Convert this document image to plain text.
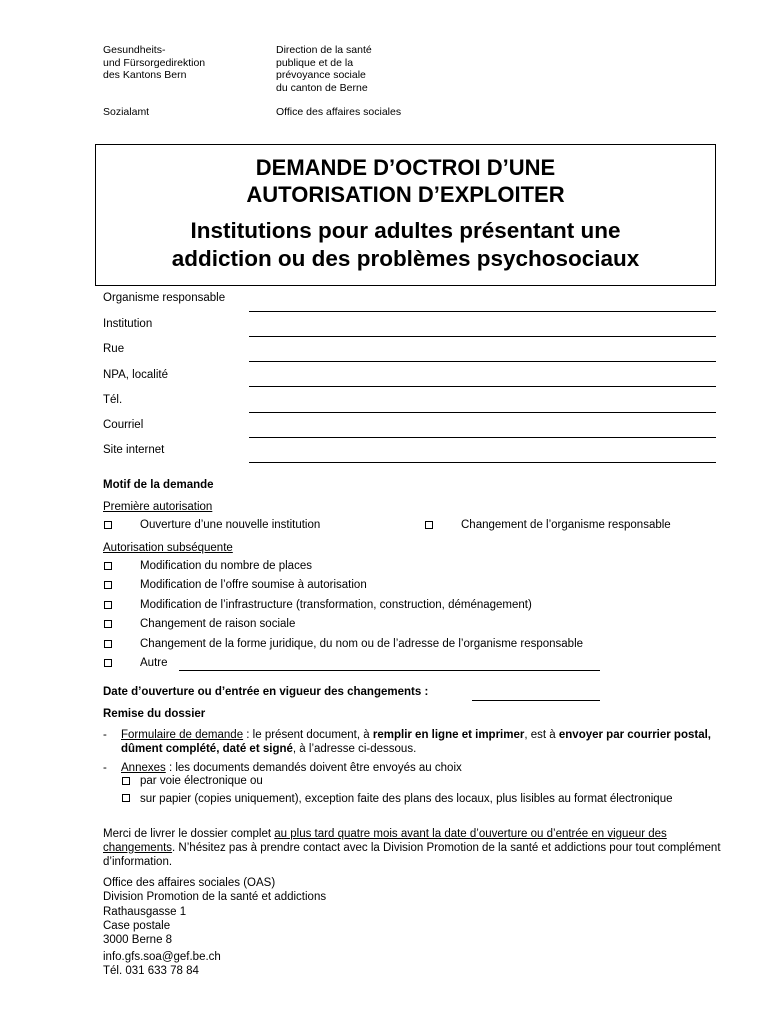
Gesundheits-
und Fürsorgedirektion
des Kantons Bern
Direction de la santé
publique et de la
prévoyance sociale
du canton de Berne
Sozialamt	Office des affaires sociales
DEMANDE D’OCTROI D’UNE
AUTORISATION D’EXPLOITER
Institutions pour adultes présentant une
addiction ou des problèmes psychosociaux
Organisme responsable
Institution
Rue
NPA, localité
Tél.
Courriel
Site internet
Motif de la demande
Première autorisation
Ouverture d’une nouvelle institution	Changement de l’organisme responsable
Autorisation subséquente
Modification du nombre de places
Modification de l’offre soumise à autorisation
Modification de l’infrastructure (transformation, construction, déménagement)
Changement de raison sociale
Changement de la forme juridique, du nom ou de l’adresse de l’organisme responsable
Autre
Date d’ouverture ou d’entrée en vigueur des changements :
Remise du dossier
- Formulaire de demande : le présent document, à remplir en ligne et imprimer, est à envoyer par courrier postal, dûment complété, daté et signé, à l’adresse ci-dessous.
- Annexes : les documents demandés doivent être envoyés au choix
par voie électronique ou
sur papier (copies uniquement), exception faite des plans des locaux, plus lisibles au format électronique
Merci de livrer le dossier complet au plus tard quatre mois avant la date d’ouverture ou d’entrée en vigueur des changements. N’hésitez pas à prendre contact avec la Division Promotion de la santé et addictions pour tout complément d’information.
Office des affaires sociales (OAS)
Division Promotion de la santé et addictions
Rathausgasse 1
Case postale
3000 Berne 8
info.gfs.soa@gef.be.ch
Tél. 031 633 78 84
